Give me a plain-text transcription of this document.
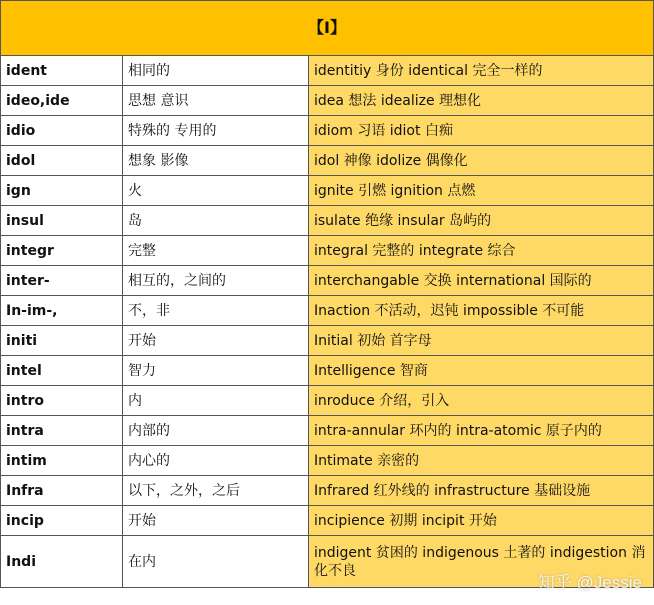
【I】		
ident	相同的	identitiy 身份 identical 完全一样的
ideo,ide	思想 意识	idea 想法 idealize 理想化
idio	特殊的 专用的	idiom 习语 idiot 白痴
idol	想象 影像	idol 神像 idolize 偶像化
ign	火	ignite 引燃 ignition 点燃
insul	岛	isulate 绝缘 insular 岛屿的
integr	完整	integral 完整的 integrate 综合
inter-	相互的，之间的	interchangable 交换 international 国际的
In-im-,	不，非	Inaction 不活动，迟钝 impossible 不可能
initi	开始	Initial 初始 首字母
intel	智力	Intelligence 智商
intro	内	inroduce 介绍，引入
intra	内部的	intra-annular 环内的 intra-atomic 原子内的
intim	内心的	Intimate 亲密的
Infra	以下，之外，之后	Infrared 红外线的 infrastructure 基础设施
incip	开始	incipience 初期 incipit 开始
Indi	在内	indigent 贫困的 indigenous 土著的 indigestion 消化不良
知乎 @Jessie
